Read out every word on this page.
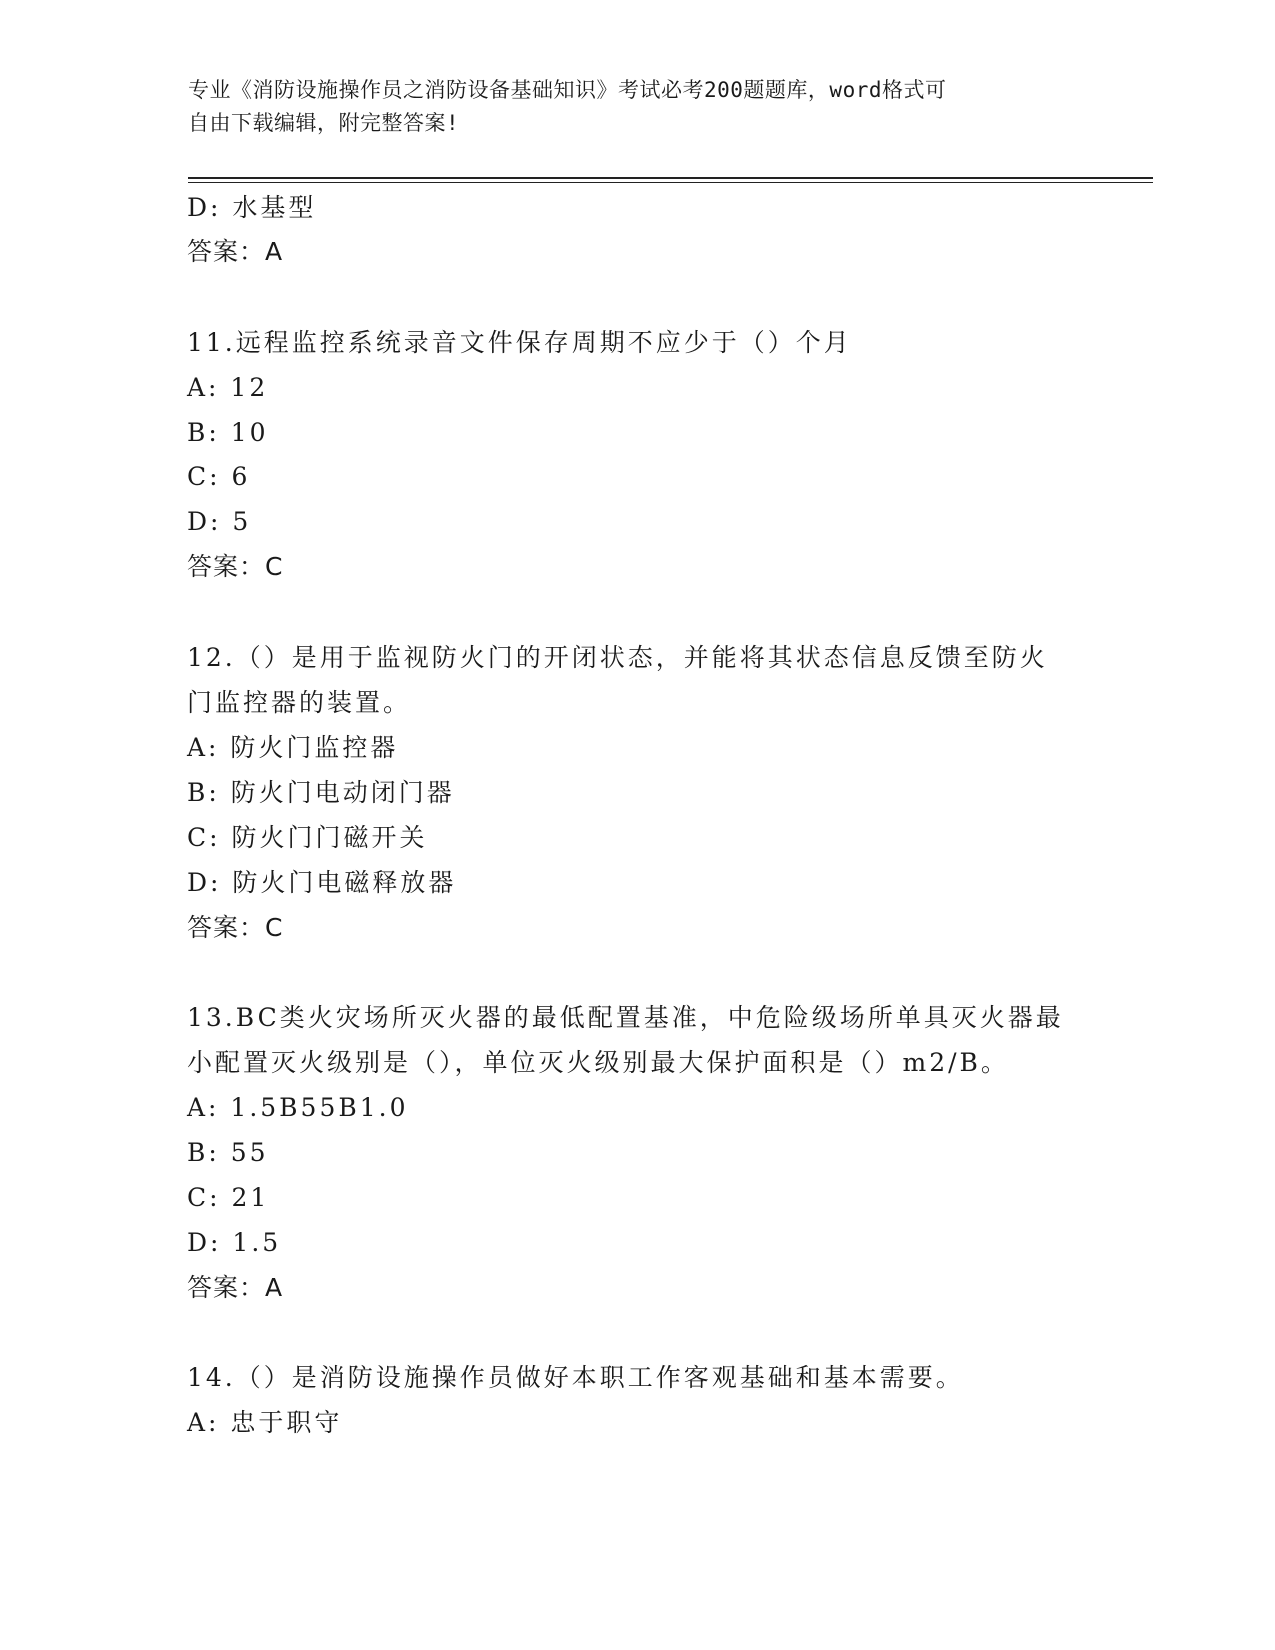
专业《消防设施操作员之消防设备基础知识》考试必考200题题库，word格式可
自由下载编辑，附完整答案!
D: 水基型
答案：A
11.远程监控系统录音文件保存周期不应少于（）个月
A: 12
B: 10
C: 6
D: 5
答案：C
12.（）是用于监视防火门的开闭状态，并能将其状态信息反馈至防火
门监控器的装置。
A: 防火门监控器
B: 防火门电动闭门器
C: 防火门门磁开关
D: 防火门电磁释放器
答案：C
13.BC类火灾场所灭火器的最低配置基准，中危险级场所单具灭火器最
小配置灭火级别是（），单位灭火级别最大保护面积是（）m2/B。
A: 1.5B55B1.0
B: 55
C: 21
D: 1.5
答案：A
14.（）是消防设施操作员做好本职工作客观基础和基本需要。
A: 忠于职守
